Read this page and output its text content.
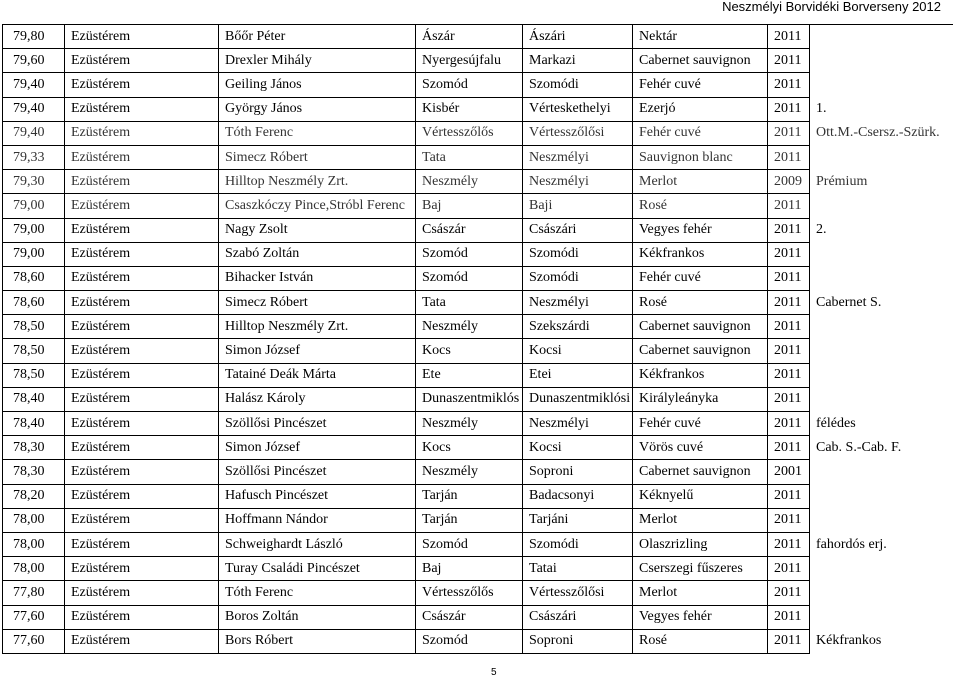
Neszmélyi Borvidéki Borverseny 2012
79,80	Ezüstérem	Bőőr Péter	Ászár	Ászári	Nektár	2011	
79,60	Ezüstérem	Drexler Mihály	Nyergesújfalu	Markazi	Cabernet sauvignon	2011	
79,40	Ezüstérem	Geiling János	Szomód	Szomódi	Fehér cuvé	2011	
79,40	Ezüstérem	György János	Kisbér	Vérteskethelyi	Ezerjó	2011	1.
79,40	Ezüstérem	Tóth Ferenc	Vértesszőlős	Vértesszőlősi	Fehér cuvé	2011	Ott.M.-Csersz.-Szürk.
79,33	Ezüstérem	Simecz Róbert	Tata	Neszmélyi	Sauvignon blanc	2011	
79,30	Ezüstérem	Hilltop Neszmély Zrt.	Neszmély	Neszmélyi	Merlot	2009	Prémium
79,00	Ezüstérem	Csaszkóczy Pince,Stróbl Ferenc	Baj	Baji	Rosé	2011	
79,00	Ezüstérem	Nagy Zsolt	Császár	Császári	Vegyes fehér	2011	2.
79,00	Ezüstérem	Szabó Zoltán	Szomód	Szomódi	Kékfrankos	2011	
78,60	Ezüstérem	Bihacker István	Szomód	Szomódi	Fehér cuvé	2011	
78,60	Ezüstérem	Simecz Róbert	Tata	Neszmélyi	Rosé	2011	Cabernet S.
78,50	Ezüstérem	Hilltop Neszmély Zrt.	Neszmély	Szekszárdi	Cabernet sauvignon	2011	
78,50	Ezüstérem	Simon József	Kocs	Kocsi	Cabernet sauvignon	2011	
78,50	Ezüstérem	Tatainé Deák Márta	Ete	Etei	Kékfrankos	2011	
78,40	Ezüstérem	Halász Károly	Dunaszentmiklós	Dunaszentmiklósi	Királyleányka	2011	
78,40	Ezüstérem	Szöllősi Pincészet	Neszmély	Neszmélyi	Fehér cuvé	2011	félédes
78,30	Ezüstérem	Simon József	Kocs	Kocsi	Vörös cuvé	2011	Cab. S.-Cab. F.
78,30	Ezüstérem	Szöllősi Pincészet	Neszmély	Soproni	Cabernet sauvignon	2001	
78,20	Ezüstérem	Hafusch Pincészet	Tarján	Badacsonyi	Kéknyelű	2011	
78,00	Ezüstérem	Hoffmann Nándor	Tarján	Tarjáni	Merlot	2011	
78,00	Ezüstérem	Schweighardt László	Szomód	Szomódi	Olaszrizling	2011	fahordós erj.
78,00	Ezüstérem	Turay Családi Pincészet	Baj	Tatai	Cserszegi fűszeres	2011	
77,80	Ezüstérem	Tóth Ferenc	Vértesszőlős	Vértesszőlősi	Merlot	2011	
77,60	Ezüstérem	Boros Zoltán	Császár	Császári	Vegyes fehér	2011	
77,60	Ezüstérem	Bors Róbert	Szomód	Soproni	Rosé	2011	Kékfrankos
5
